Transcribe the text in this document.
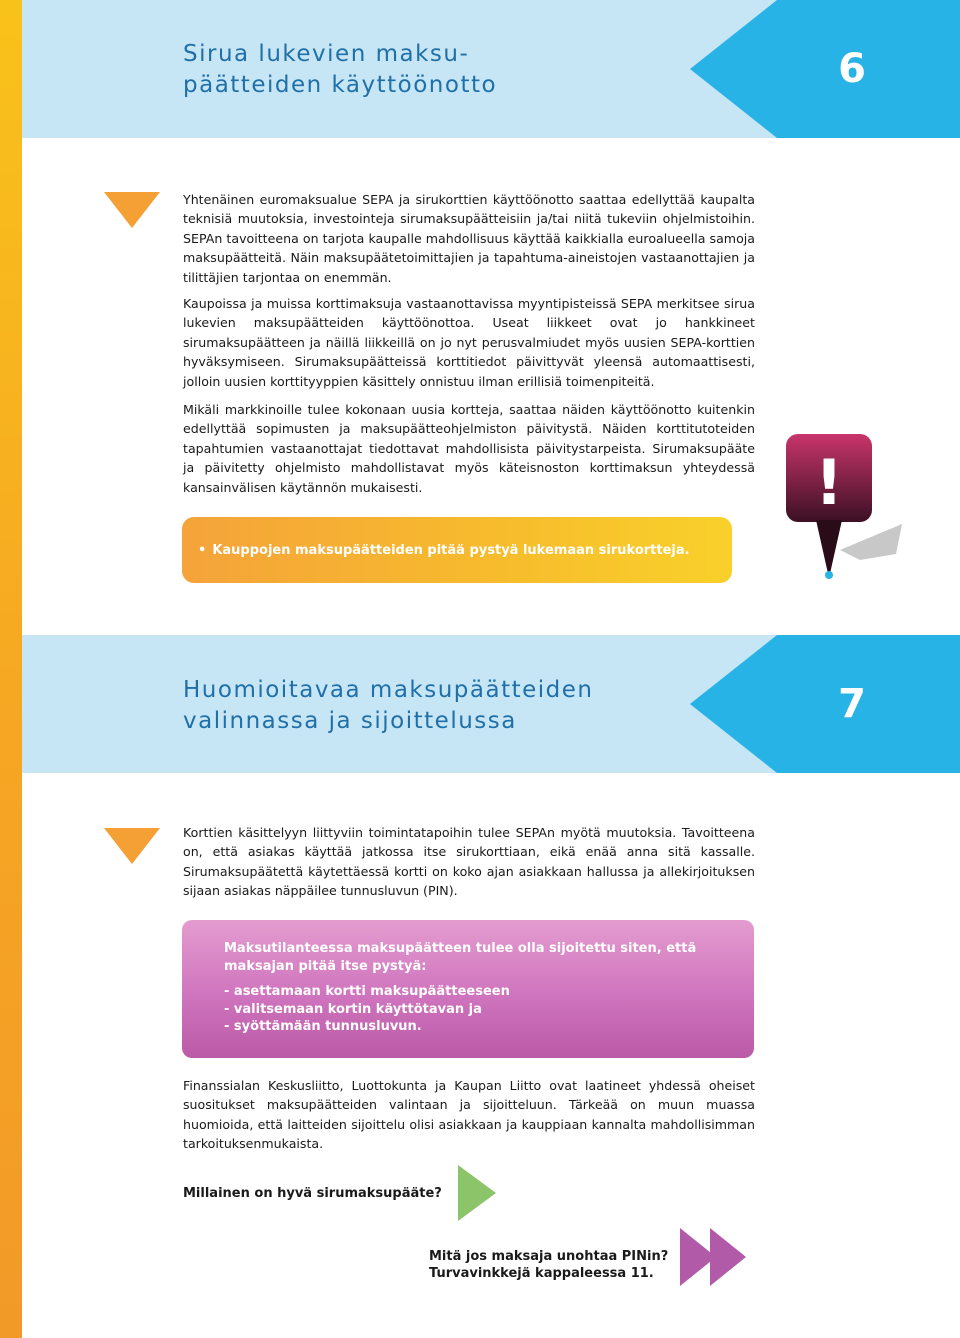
Sirua lukevien maksu-
päätteiden käyttöönotto	6

Yhtenäinen euromaksualue SEPA ja sirukorttien käyttöönotto saattaa edellyttää kaupalta teknisiä muutoksia, investointeja sirumaksupäätteisiin ja/tai niitä tukeviin ohjelmistoihin. SEPAn tavoitteena on tarjota kaupalle mahdollisuus käyttää kaikkialla euroalueella samoja maksupäätteitä. Näin maksupäätetoimittajien ja tapahtuma-aineistojen vastaanottajien ja tilittäjien tarjontaa on enemmän.

Kaupoissa ja muissa korttimaksuja vastaanottavissa myyntipisteissä SEPA merkitsee sirua lukevien maksupäätteiden käyttöönottoa. Useat liikkeet ovat jo hankkineet sirumaksupäätteen ja näillä liikkeillä on jo nyt perusvalmiudet myös uusien SEPA-korttien hyväksymiseen. Sirumaksupäätteissä korttitiedot päivittyvät yleensä automaattisesti, jolloin uusien korttityyppien käsittely onnistuu ilman erillisiä toimenpiteitä.

Mikäli markkinoille tulee kokonaan uusia kortteja, saattaa näiden käyttöönotto kuitenkin edellyttää sopimusten ja maksupäätteohjelmiston päivitystä. Näiden korttitutoteiden tapahtumien vastaanottajat tiedottavat mahdollisista päivitystarpeista. Sirumaksupääte ja päivitetty ohjelmisto mahdollistavat myös käteisnoston korttimaksun yhteydessä kansainvälisen käytännön mukaisesti.

• Kauppojen maksupäätteiden pitää pystyä lukemaan sirukortteja.
!
Huomioitavaa maksupäätteiden
valinnassa ja sijoittelussa	7

Korttien käsittelyyn liittyviin toimintatapoihin tulee SEPAn myötä muutoksia. Tavoitteena on, että asiakas käyttää jatkossa itse sirukorttiaan, eikä enää anna sitä kassalle. Sirumaksupäätettä käytettäessä kortti on koko ajan asiakkaan hallussa ja allekirjoituksen sijaan asiakas näppäilee tunnusluvun (PIN).

Maksutilanteessa maksupäätteen tulee olla sijoitettu siten, että
maksajan pitää itse pystyä:
- asettamaan kortti maksupäätteeseen
- valitsemaan kortin käyttötavan ja
- syöttämään tunnusluvun.

Finanssialan Keskusliitto, Luottokunta ja Kaupan Liitto ovat laatineet yhdessä oheiset suositukset maksupäätteiden valintaan ja sijoitteluun. Tärkeää on muun muassa huomioida, että laitteiden sijoittelu olisi asiakkaan ja kauppiaan kannalta mahdollisimman tarkoituksenmukaista.

Millainen on hyvä sirumaksupääte?
Mitä jos maksaja unohtaa PINin?
Turvavinkkejä kappaleessa 11.
